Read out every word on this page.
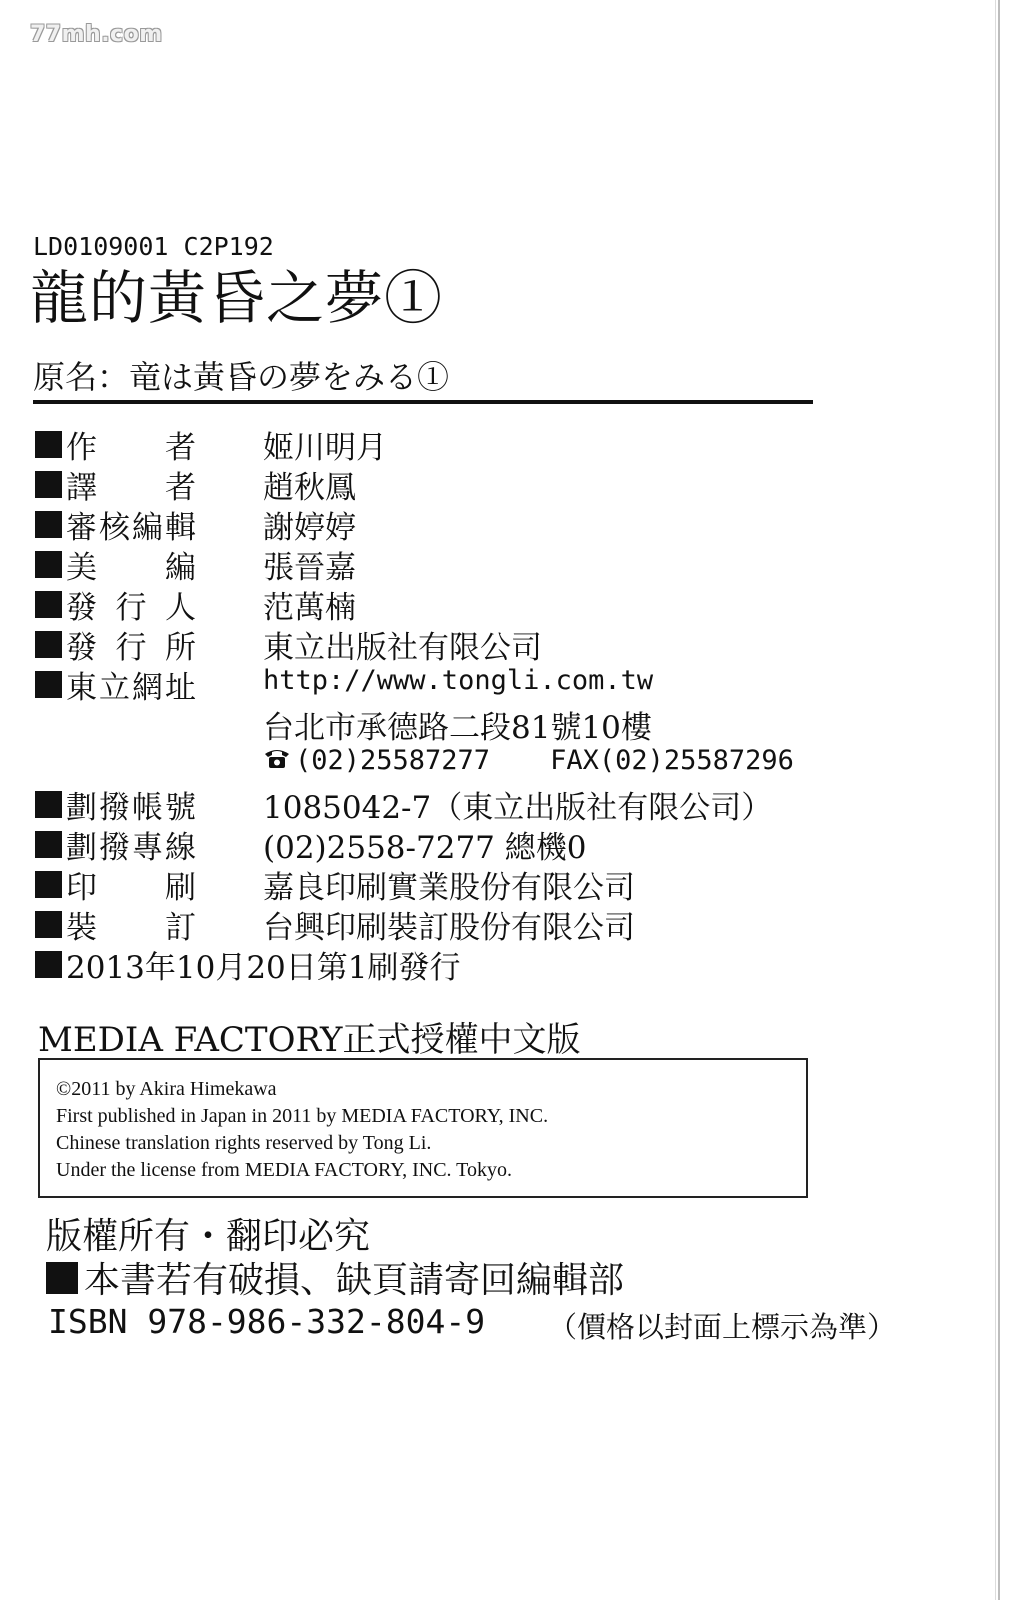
77mh.com
LD0109001 C2P192
龍的黃昏之夢①
原名：竜は黃昏の夢をみる①
作　者 姬川明月
譯　者 趙秋鳳
審核編輯 謝婷婷
美　編 張晉嘉
發行人 范萬楠
發行所 東立出版社有限公司
東立網址 http://www.tongli.com.tw
台北市承德路二段81號10樓
(02)25587277 FAX(02)25587296
劃撥帳號 1085042-7（東立出版社有限公司）
劃撥專線 (02)2558-7277 總機0
印　刷 嘉良印刷實業股份有限公司
裝　訂 台興印刷裝訂股份有限公司
2013年10月20日第1刷發行
MEDIA FACTORY正式授權中文版
©2011 by Akira Himekawa
First published in Japan in 2011 by MEDIA FACTORY, INC.
Chinese translation rights reserved by Tong Li.
Under the license from MEDIA FACTORY, INC. Tokyo.
版權所有・翻印必究
本書若有破損、缺頁請寄回編輯部
ISBN 978-986-332-804-9 （價格以封面上標示為準）
